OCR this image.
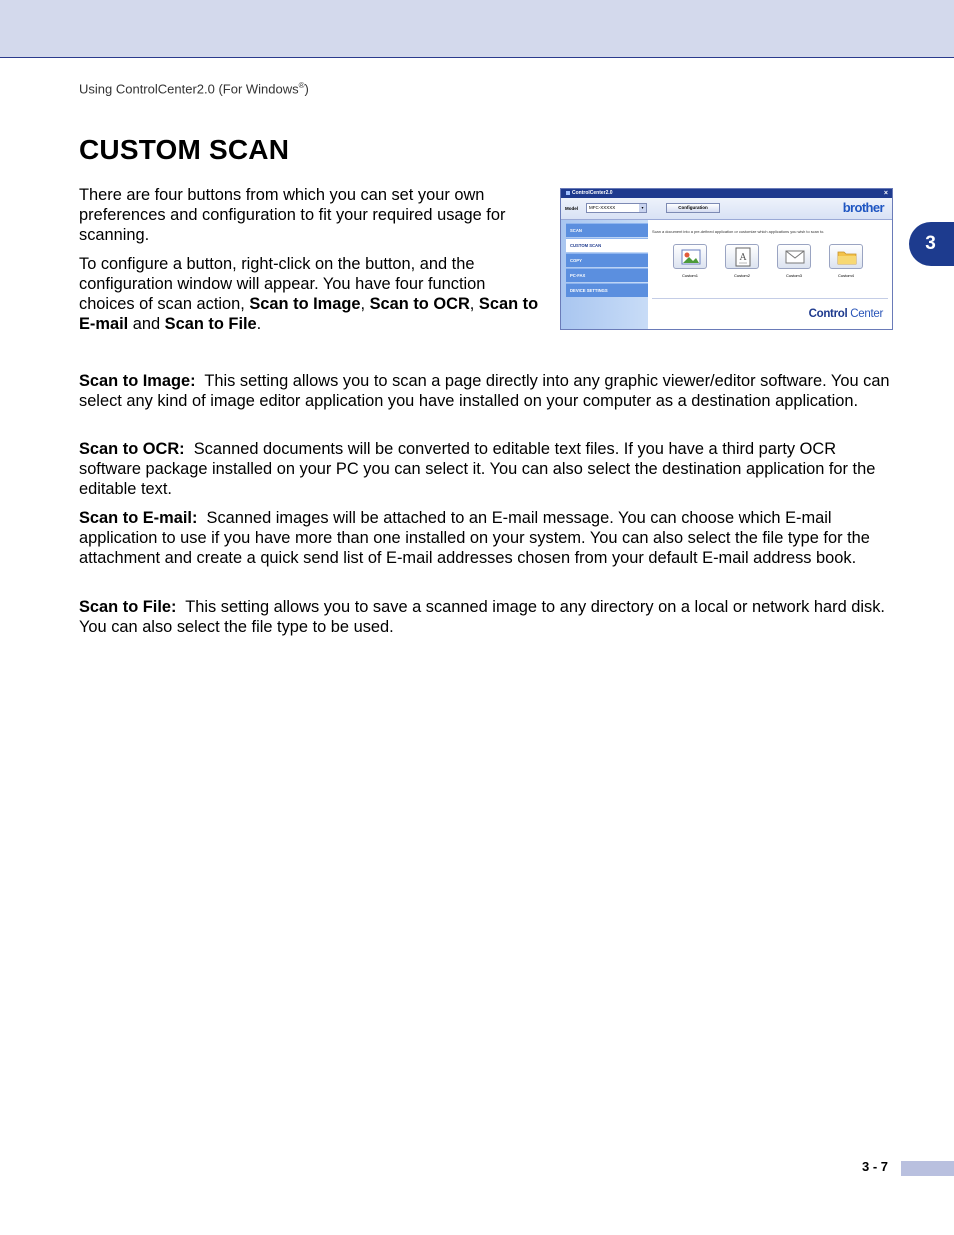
Using ControlCenter2.0 (For Windows®)
3
CUSTOM SCAN

There are four buttons from which you can set your own preferences and configuration to fit your required usage for scanning.

To configure a button, right-click on the button, and the configuration window will appear. You have four function choices of scan action, Scan to Image, Scan to OCR, Scan to E-mail and Scan to File.

ControlCenter2.0	×
Model	MFC-XXXXX	▾	Configuration	brother
SCAN
CUSTOM SCAN
COPY
PC-FAX
DEVICE SETTINGS
Scan a document into a pre-defined application or customize which applications you wish to scan to.
Custom1
A
Custom2	Custom3	Custom4
Control Center
Scan to Image: This setting allows you to scan a page directly into any graphic viewer/editor software. You can select any kind of image editor application you have installed on your computer as a destination application.
Scan to OCR: Scanned documents will be converted to editable text files. If you have a third party OCR software package installed on your PC you can select it. You can also select the destination application for the editable text.
Scan to E-mail: Scanned images will be attached to an E-mail message. You can choose which E-mail application to use if you have more than one installed on your system. You can also select the file type for the attachment and create a quick send list of E-mail addresses chosen from your default E-mail address book.
Scan to File: This setting allows you to save a scanned image to any directory on a local or network hard disk. You can also select the file type to be used.
3 - 7
